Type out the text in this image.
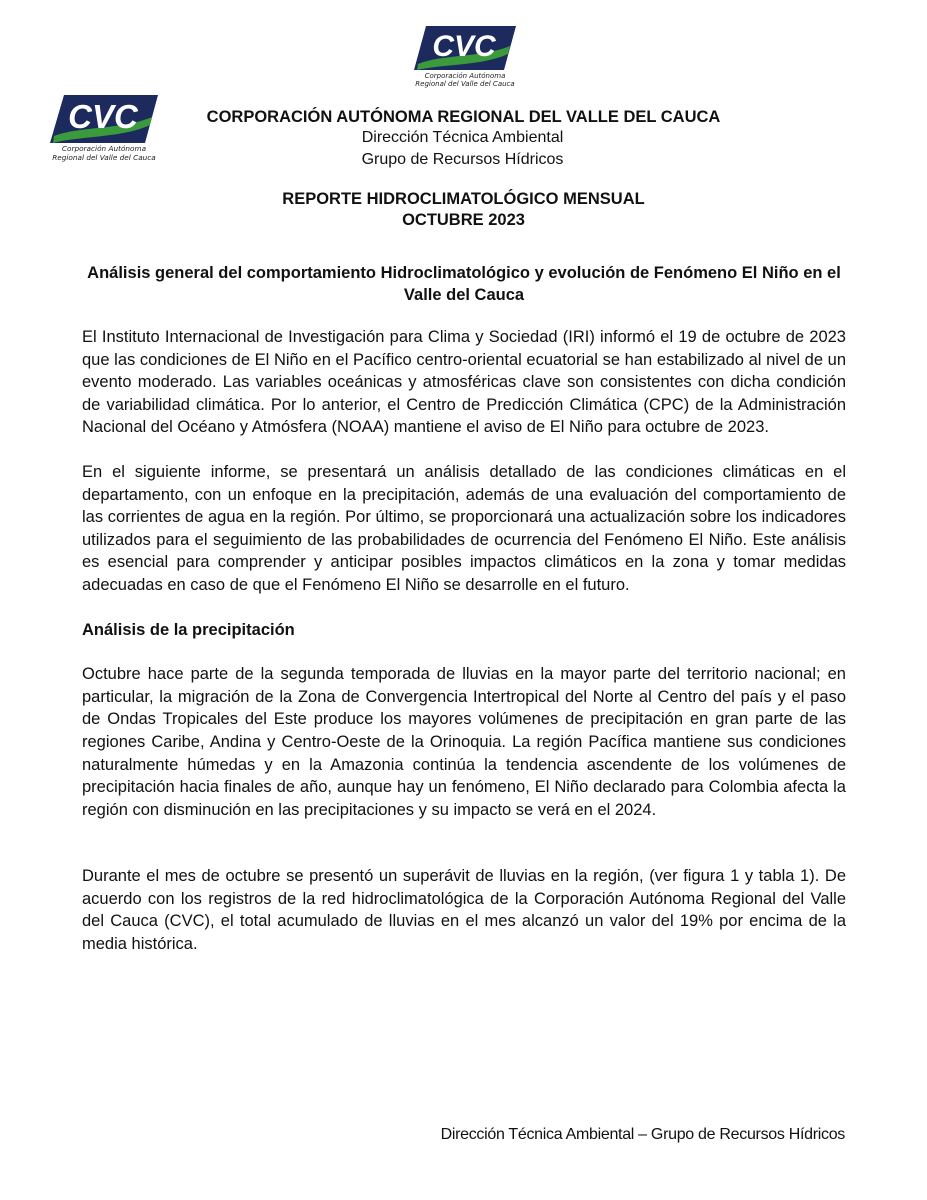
CVC
Corporación Autónoma
Regional del Valle del Cauca
CVC
Corporación Autónoma
Regional del Valle del Cauca
CORPORACIÓN AUTÓNOMA REGIONAL DEL VALLE DEL CAUCA
Dirección Técnica Ambiental
Grupo de Recursos Hídricos
REPORTE HIDROCLIMATOLÓGICO MENSUAL
OCTUBRE 2023

Análisis general del comportamiento Hidroclimatológico y evolución de Fenómeno El Niño en el Valle del Cauca

El Instituto Internacional de Investigación para Clima y Sociedad (IRI) informó el 19 de octubre de 2023 que las condiciones de El Niño en el Pacífico centro-oriental ecuatorial se han estabilizado al nivel de un evento moderado. Las variables oceánicas y atmosféricas clave son consistentes con dicha condición de variabilidad climática. Por lo anterior, el Centro de Predicción Climática (CPC) de la Administración Nacional del Océano y Atmósfera (NOAA) mantiene el aviso de El Niño para octubre de 2023.

En el siguiente informe, se presentará un análisis detallado de las condiciones climáticas en el departamento, con un enfoque en la precipitación, además de una evaluación del comportamiento de las corrientes de agua en la región. Por último, se proporcionará una actualización sobre los indicadores utilizados para el seguimiento de las probabilidades de ocurrencia del Fenómeno El Niño. Este análisis es esencial para comprender y anticipar posibles impactos climáticos en la zona y tomar medidas adecuadas en caso de que el Fenómeno El Niño se desarrolle en el futuro.

Análisis de la precipitación

Octubre hace parte de la segunda temporada de lluvias en la mayor parte del territorio nacional; en particular, la migración de la Zona de Convergencia Intertropical del Norte al Centro del país y el paso de Ondas Tropicales del Este produce los mayores volúmenes de precipitación en gran parte de las regiones Caribe, Andina y Centro-Oeste de la Orinoquia. La región Pacífica mantiene sus condiciones naturalmente húmedas y en la Amazonia continúa la tendencia ascendente de los volúmenes de precipitación hacia finales de año, aunque hay un fenómeno, El Niño declarado para Colombia afecta la región con disminución en las precipitaciones y su impacto se verá en el 2024.

Durante el mes de octubre se presentó un superávit de lluvias en la región, (ver figura 1 y tabla 1). De acuerdo con los registros de la red hidroclimatológica de la Corporación Autónoma Regional del Valle del Cauca (CVC), el total acumulado de lluvias en el mes alcanzó un valor del 19% por encima de la media histórica.

Dirección Técnica Ambiental – Grupo de Recursos Hídricos
